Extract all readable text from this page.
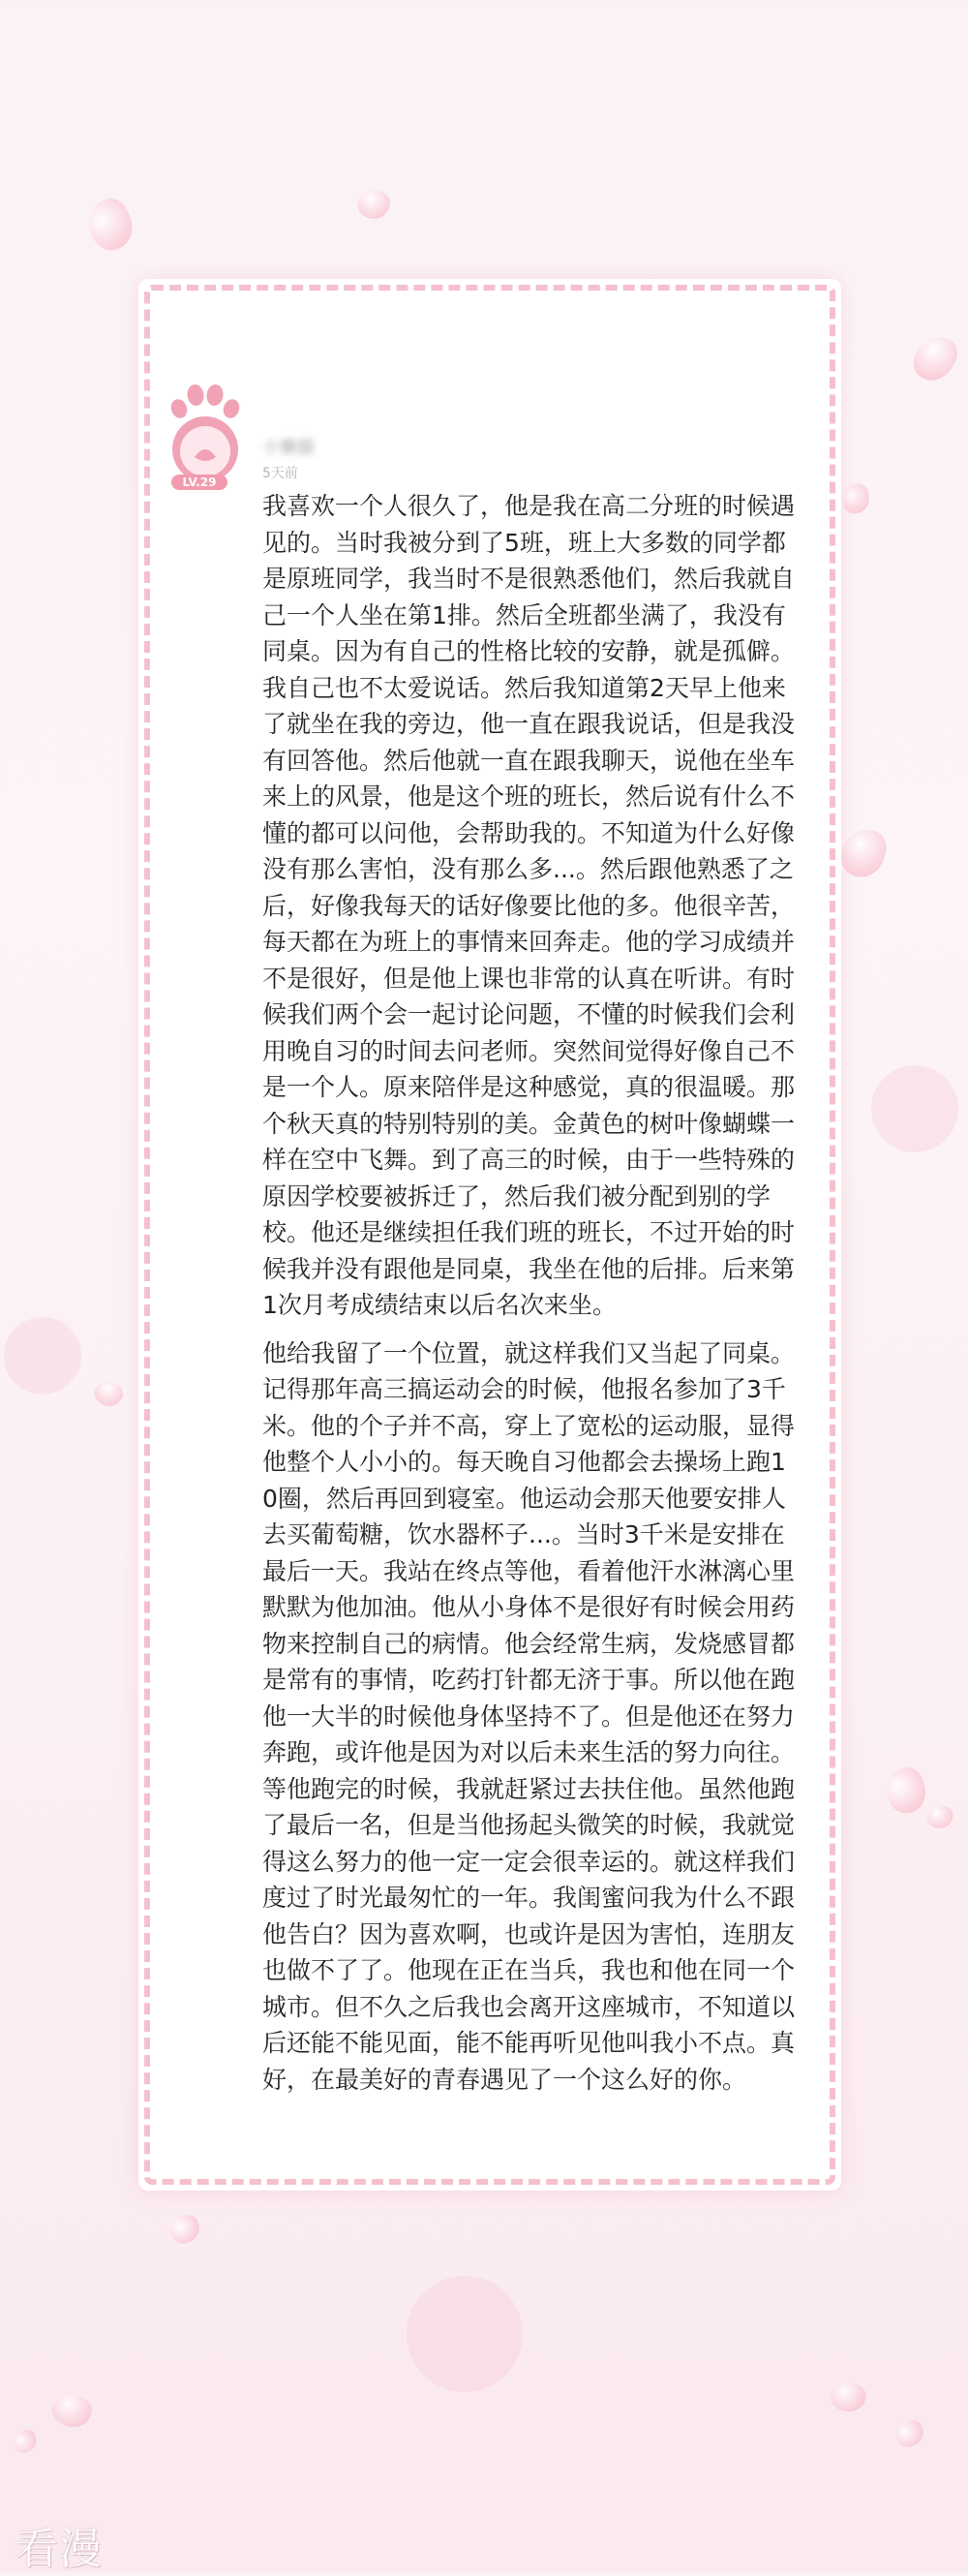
LV.29
小懒猫
5天前

我喜欢一个人很久了，他是我在高二分班的时候遇见的。当时我被分到了5班，班上大多数的同学都是原班同学，我当时不是很熟悉他们，然后我就自己一个人坐在第1排。然后全班都坐满了，我没有同桌。因为有自己的性格比较的安静，就是孤僻。我自己也不太爱说话。然后我知道第2天早上他来了就坐在我的旁边，他一直在跟我说话，但是我没有回答他。然后他就一直在跟我聊天，说他在坐车来上的风景，他是这个班的班长，然后说有什么不懂的都可以问他，会帮助我的。不知道为什么好像没有那么害怕，没有那么多...。然后跟他熟悉了之后，好像我每天的话好像要比他的多。他很辛苦，每天都在为班上的事情来回奔走。他的学习成绩并不是很好，但是他上课也非常的认真在听讲。有时候我们两个会一起讨论问题，不懂的时候我们会利用晚自习的时间去问老师。突然间觉得好像自己不是一个人。原来陪伴是这种感觉，真的很温暖。那个秋天真的特别特别的美。金黄色的树叶像蝴蝶一样在空中飞舞。到了高三的时候，由于一些特殊的原因学校要被拆迁了，然后我们被分配到别的学校。他还是继续担任我们班的班长，不过开始的时候我并没有跟他是同桌，我坐在他的后排。后来第1次月考成绩结束以后名次来坐。

他给我留了一个位置，就这样我们又当起了同桌。记得那年高三搞运动会的时候，他报名参加了3千米。他的个子并不高，穿上了宽松的运动服，显得他整个人小小的。每天晚自习他都会去操场上跑10圈，然后再回到寝室。他运动会那天他要安排人去买葡萄糖，饮水器杯子...。当时3千米是安排在最后一天。我站在终点等他，看着他汗水淋漓心里默默为他加油。他从小身体不是很好有时候会用药物来控制自己的病情。他会经常生病，发烧感冒都是常有的事情，吃药打针都无济于事。所以他在跑他一大半的时候他身体坚持不了。但是他还在努力奔跑，或许他是因为对以后未来生活的努力向往。等他跑完的时候，我就赶紧过去扶住他。虽然他跑了最后一名，但是当他扬起头微笑的时候，我就觉得这么努力的他一定一定会很幸运的。就这样我们度过了时光最匆忙的一年。我闺蜜问我为什么不跟他告白？因为喜欢啊，也或许是因为害怕，连朋友也做不了了。他现在正在当兵，我也和他在同一个城市。但不久之后我也会离开这座城市，不知道以后还能不能见面，能不能再听见他叫我小不点。真好，在最美好的青春遇见了一个这么好的你。

看漫
